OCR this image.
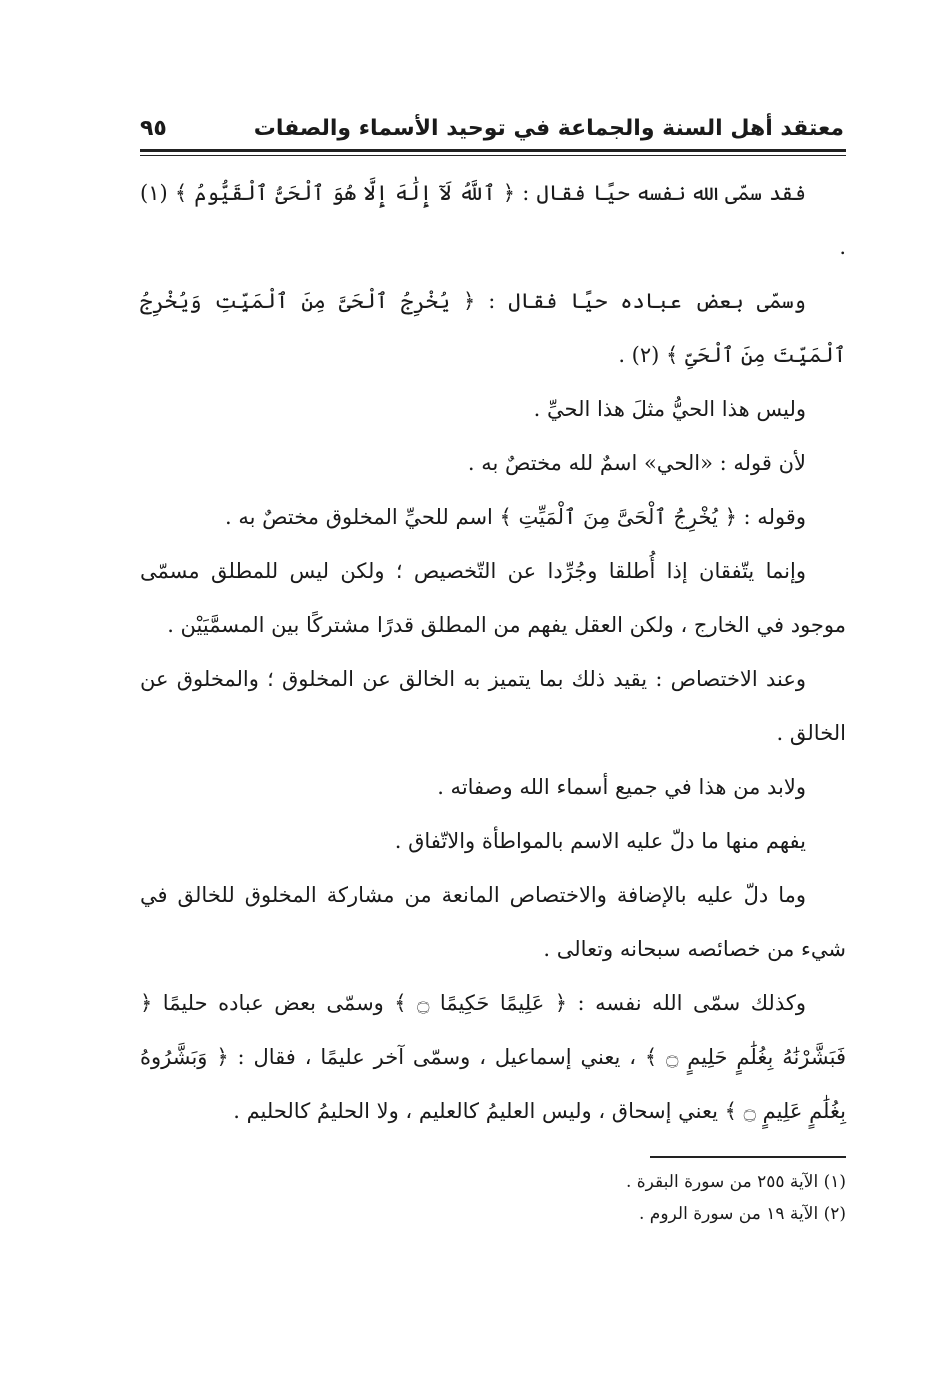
معتقد أهل السنة والجماعة في توحيد الأسماء والصفات
٩٥

فقد سمّى الله نفسه حيًا فقال : ﴿ ٱللَّهُ لَآ إِلَٰهَ إِلَّا هُوَ ٱلْحَىُّ ٱلْقَيُّومُ ﴾ (١) .

وسمّى بعض عباده حيًا فقال : ﴿ يُخْرِجُ ٱلْحَىَّ مِنَ ٱلْمَيِّتِ وَيُخْرِجُ ٱلْمَيِّتَ مِنَ ٱلْحَىِّ ﴾ (٢) .

وليس هذا الحيُّ مثلَ هذا الحيِّ .

لأن قوله : «الحي» اسمٌ لله مختصٌ به .

وقوله : ﴿ يُخْرِجُ ٱلْحَىَّ مِنَ ٱلْمَيِّتِ ﴾ اسم للحيِّ المخلوق مختصٌ به .

وإنما يتّفقان إذا أُطلقا وجُرِّدا عن التّخصيص ؛ ولكن ليس للمطلق مسمّى موجود في الخارج ، ولكن العقل يفهم من المطلق قدرًا مشتركًا بين المسمَّيَيْن .

وعند الاختصاص : يقيد ذلك بما يتميز به الخالق عن المخلوق ؛ والمخلوق عن الخالق .

ولابد من هذا في جميع أسماء الله وصفاته .

يفهم منها ما دلّ عليه الاسم بالمواطأة والاتّفاق .

وما دلّ عليه بالإضافة والاختصاص المانعة من مشاركة المخلوق للخالق في شيء من خصائصه سبحانه وتعالى .

وكذلك سمّى الله نفسه : ﴿ عَلِيمًا حَكِيمًا ۝ ﴾ وسمّى بعض عباده حليمًا ﴿ فَبَشَّرْنَٰهُ بِغُلَٰمٍ حَلِيمٍ ۝ ﴾ ، يعني إسماعيل ، وسمّى آخر عليمًا ، فقال : ﴿ وَبَشَّرُوهُ بِغُلَٰمٍ عَلِيمٍ ۝ ﴾ يعني إسحاق ، وليس العليمُ كالعليم ، ولا الحليمُ كالحليم .

(١) الآية ٢٥٥ من سورة البقرة .
(٢) الآية ١٩ من سورة الروم .
